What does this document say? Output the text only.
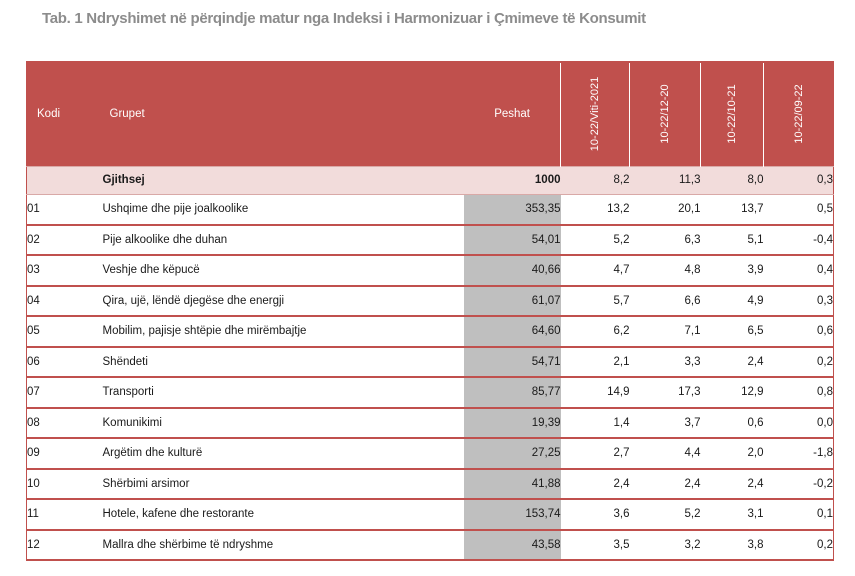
Tab. 1 Ndryshimet në përqindje matur nga Indeksi i Harmonizuar i Çmimeve të Konsumit
Kodi	Grupet	Peshat	10-22/Viti-2021	10-22/12-20	10-22/10-21	10-22/09-22

	Gjithsej	1000	8,2	11,3	8,0	0,3
01	Ushqime dhe pije joalkoolike	353,35	13,2	20,1	13,7	0,5
02	Pije alkoolike dhe duhan	54,01	5,2	6,3	5,1	-0,4
03	Veshje dhe këpucë	40,66	4,7	4,8	3,9	0,4
04	Qira, ujë, lëndë djegëse dhe energji	61,07	5,7	6,6	4,9	0,3
05	Mobilim, pajisje shtëpie dhe mirëmbajtje	64,60	6,2	7,1	6,5	0,6
06	Shëndeti	54,71	2,1	3,3	2,4	0,2
07	Transporti	85,77	14,9	17,3	12,9	0,8
08	Komunikimi	19,39	1,4	3,7	0,6	0,0
09	Argëtim dhe kulturë	27,25	2,7	4,4	2,0	-1,8
10	Shërbimi arsimor	41,88	2,4	2,4	2,4	-0,2
11	Hotele, kafene dhe restorante	153,74	3,6	5,2	3,1	0,1
12	Mallra dhe shërbime të ndryshme	43,58	3,5	3,2	3,8	0,2
